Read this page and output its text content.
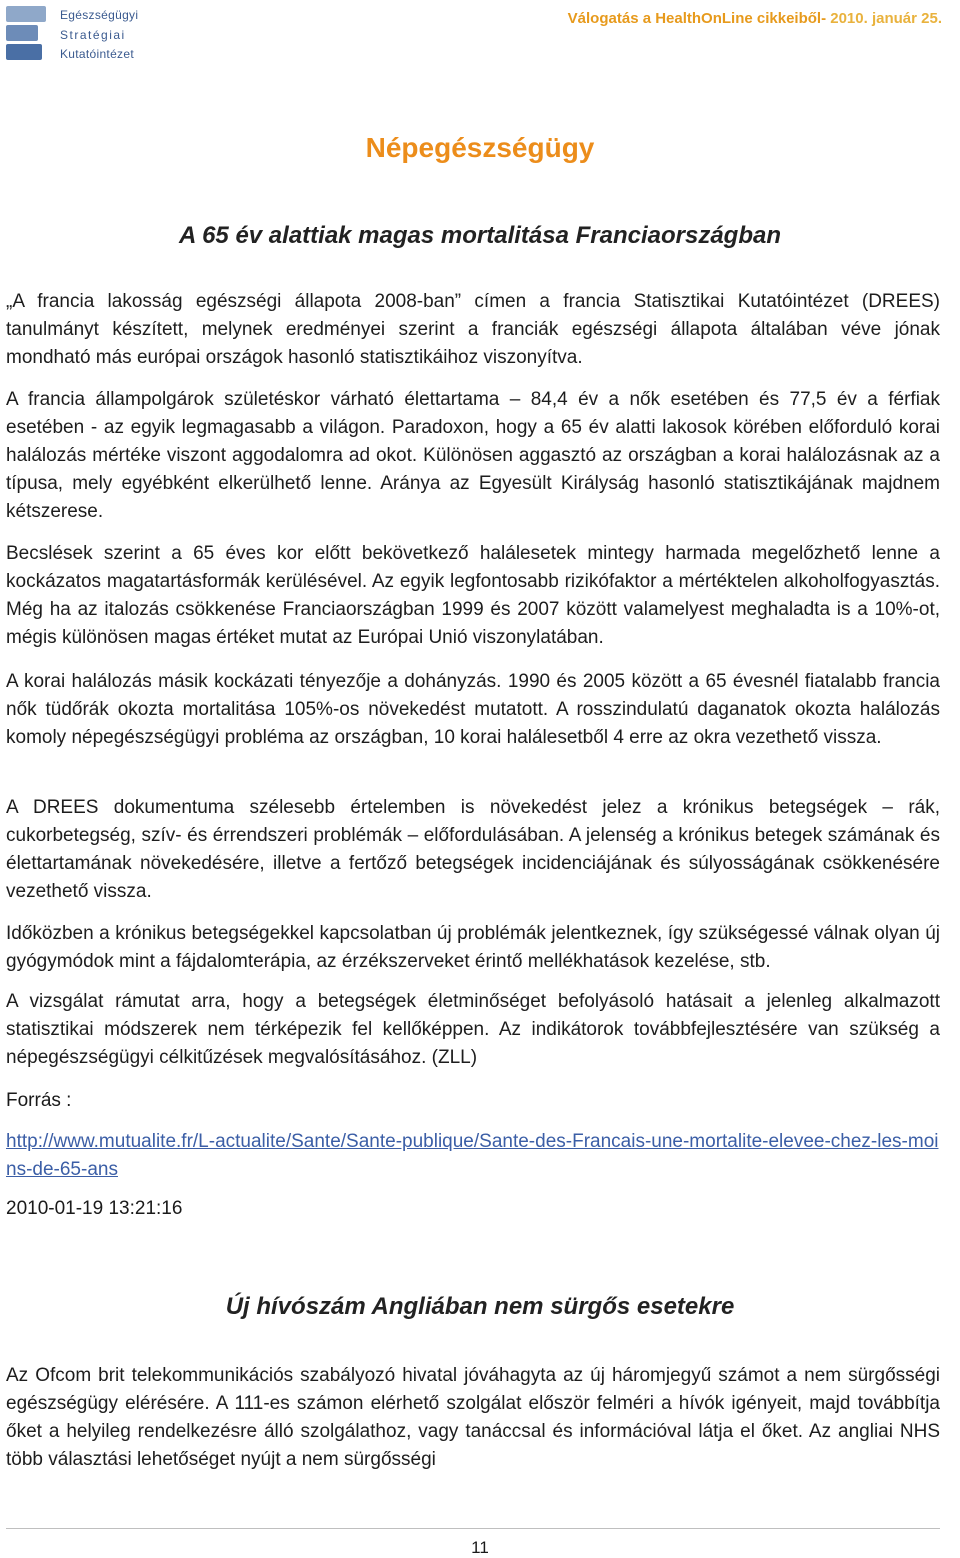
Egészségügyi
Stratégiai
Kutatóintézet
Válogatás a HealthOnLine cikkeiből- 2010. január 25.
Népegészségügy
A 65 év alattiak magas mortalitása Franciaországban

„A francia lakosság egészségi állapota 2008-ban” címen a francia Statisztikai Kutatóintézet (DREES) tanulmányt készített, melynek eredményei szerint a franciák egészségi állapota általában véve jónak mondható más európai országok hasonló statisztikáihoz viszonyítva.

A francia állampolgárok születéskor várható élettartama – 84,4 év a nők esetében és 77,5 év a férfiak esetében - az egyik legmagasabb a világon. Paradoxon, hogy a 65 év alatti lakosok körében előforduló korai halálozás mértéke viszont aggodalomra ad okot. Különösen aggasztó az országban a korai halálozásnak az a típusa, mely egyébként elkerülhető lenne. Aránya az Egyesült Királyság hasonló statisztikájának majdnem kétszerese.

Becslések szerint a 65 éves kor előtt bekövetkező halálesetek mintegy harmada megelőzhető lenne a kockázatos magatartásformák kerülésével. Az egyik legfontosabb rizikófaktor a mértéktelen alkoholfogyasztás. Még ha az italozás csökkenése Franciaországban 1999 és 2007 között valamelyest meghaladta is a 10%-ot, mégis különösen magas értéket mutat az Európai Unió viszonylatában.

A korai halálozás másik kockázati tényezője a dohányzás. 1990 és 2005 között a 65 évesnél fiatalabb francia nők tüdőrák okozta mortalitása 105%-os növekedést mutatott. A rosszindulatú daganatok okozta halálozás komoly népegészségügyi probléma az országban, 10 korai halálesetből 4 erre az okra vezethető vissza.

A DREES dokumentuma szélesebb értelemben is növekedést jelez a krónikus betegségek – rák, cukorbetegség, szív- és érrendszeri problémák – előfordulásában. A jelenség a krónikus betegek számának és élettartamának növekedésére, illetve a fertőző betegségek incidenciájának és súlyosságának csökkenésére vezethető vissza.

Időközben a krónikus betegségekkel kapcsolatban új problémák jelentkeznek, így szükségessé válnak olyan új gyógymódok mint a fájdalomterápia, az érzékszerveket érintő mellékhatások kezelése, stb.

A vizsgálat rámutat arra, hogy a betegségek életminőséget befolyásoló hatásait a jelenleg alkalmazott statisztikai módszerek nem térképezik fel kellőképpen. Az indikátorok továbbfejlesztésére van szükség a népegészségügyi célkitűzések megvalósításához. (ZLL)

Forrás :
http://www.mutualite.fr/L-actualite/Sante/Sante-publique/Sante-des-Francais-une-mortalite-elevee-chez-les-moins-de-65-ans
2010-01-19 13:21:16
Új hívószám Angliában nem sürgős esetekre

Az Ofcom brit telekommunikációs szabályozó hivatal jóváhagyta az új háromjegyű számot a nem sürgősségi egészségügy elérésére. A 111-es számon elérhető szolgálat először felméri a hívók igényeit, majd továbbítja őket a helyileg rendelkezésre álló szolgálathoz, vagy tanáccsal és információval látja el őket. Az angliai NHS több választási lehetőséget nyújt a nem sürgősségi

11
